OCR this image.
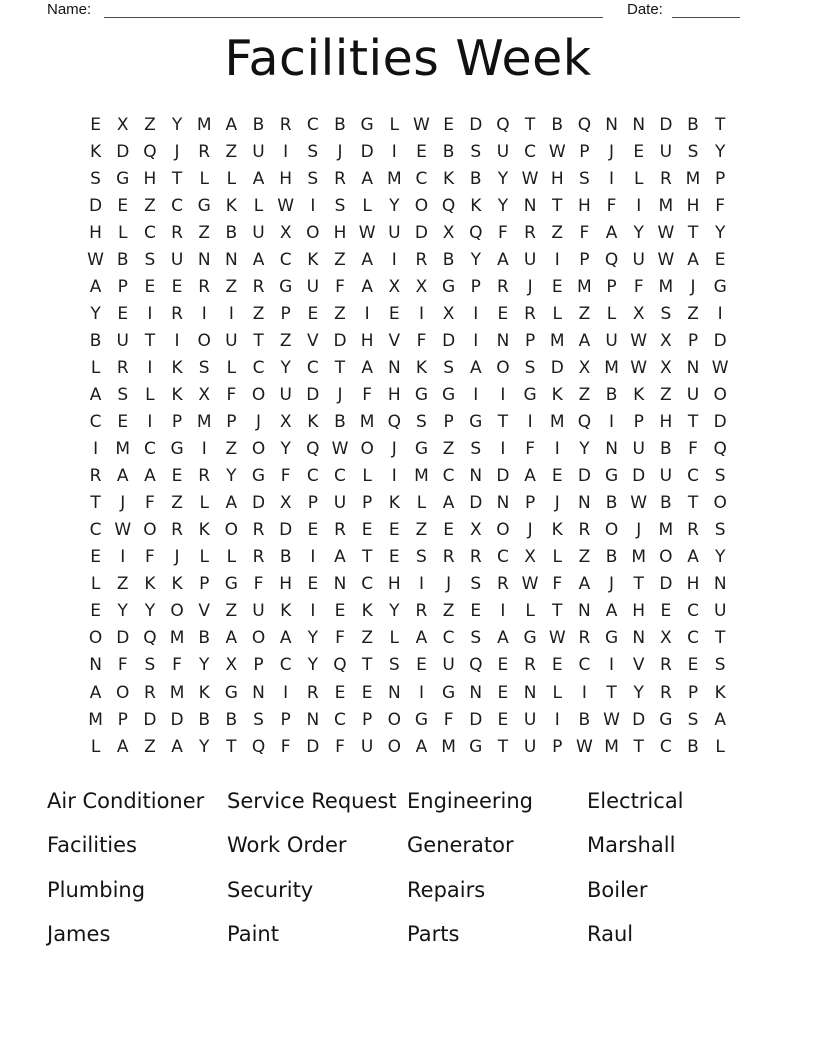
Name:	Date:
Facilities Week
E X Z Y M A B R C B G L W E D Q T B Q N N D B T
K D Q	J	R Z U	I	S	J	D	I	E B S U C W P	J	E U S Y
S G H T	L	L A H S R A M C K B Y W H S	I	L R M P
D E Z C G K L W I	S	L	Y O Q K Y N T H F	I	M H F
H L C R Z B U X O H W U D X Q F R Z F A Y W T Y
W B S U N N A C K Z A	I	R B Y A U	I	P Q U W A E
A P E E R Z R G U F A X X G P R	J	E M P	F M	J	G
Y E	I	R	I	I	Z P E Z	I	E	I	X	I	E R L Z L X S Z	I
B U T	I	O U T Z V D H V F D	I	N P M A U W X P D
L R	I	K S	L C Y C T A N K S A O S D X M W X N W
A S	L K X F O U D	J	F H G G	I	I	G K Z B K Z U O
C E	I	P M P	J	X K B M Q S P G T	I	M Q	I	P H T D
I	M C G	I	Z O Y Q W O	J	G Z S	I	F	I	Y N U B F Q
R A A E R Y G F C C L	I	M C N D A E D G D U C S
T	J	F Z L A D X P U P K L A D N P	J	N B W B T O
C W O R K O R D E R E E Z E X O	J	K R O	J	M R S
E	I	F	J	L	L R B	I	A T E S R R C X L Z B M O A Y
L Z K K P G F H E N C H	I	J	S R W F A	J	T D H N
E Y Y O V Z U K	I	E K Y R Z E	I	L	T N A H E C U
O D Q M B A O A Y	F Z L A C S A G W R G N X C T
N F S F	Y X P C Y Q T S E U Q E R E C	I	V R E S
A O R M K G N	I	R E E N	I	G N E N L	I	T Y R P K
M P D D B B S P N C P O G F D E U	I	B W D G S A
L A Z A Y T Q F D F U O A M G T U P W M T C B L
Air Conditioner	Service Request Engineering	Electrical
Facilities	Work Order	Generator	Marshall
Plumbing	Security	Repairs	Boiler
James	Paint	Parts	Raul
